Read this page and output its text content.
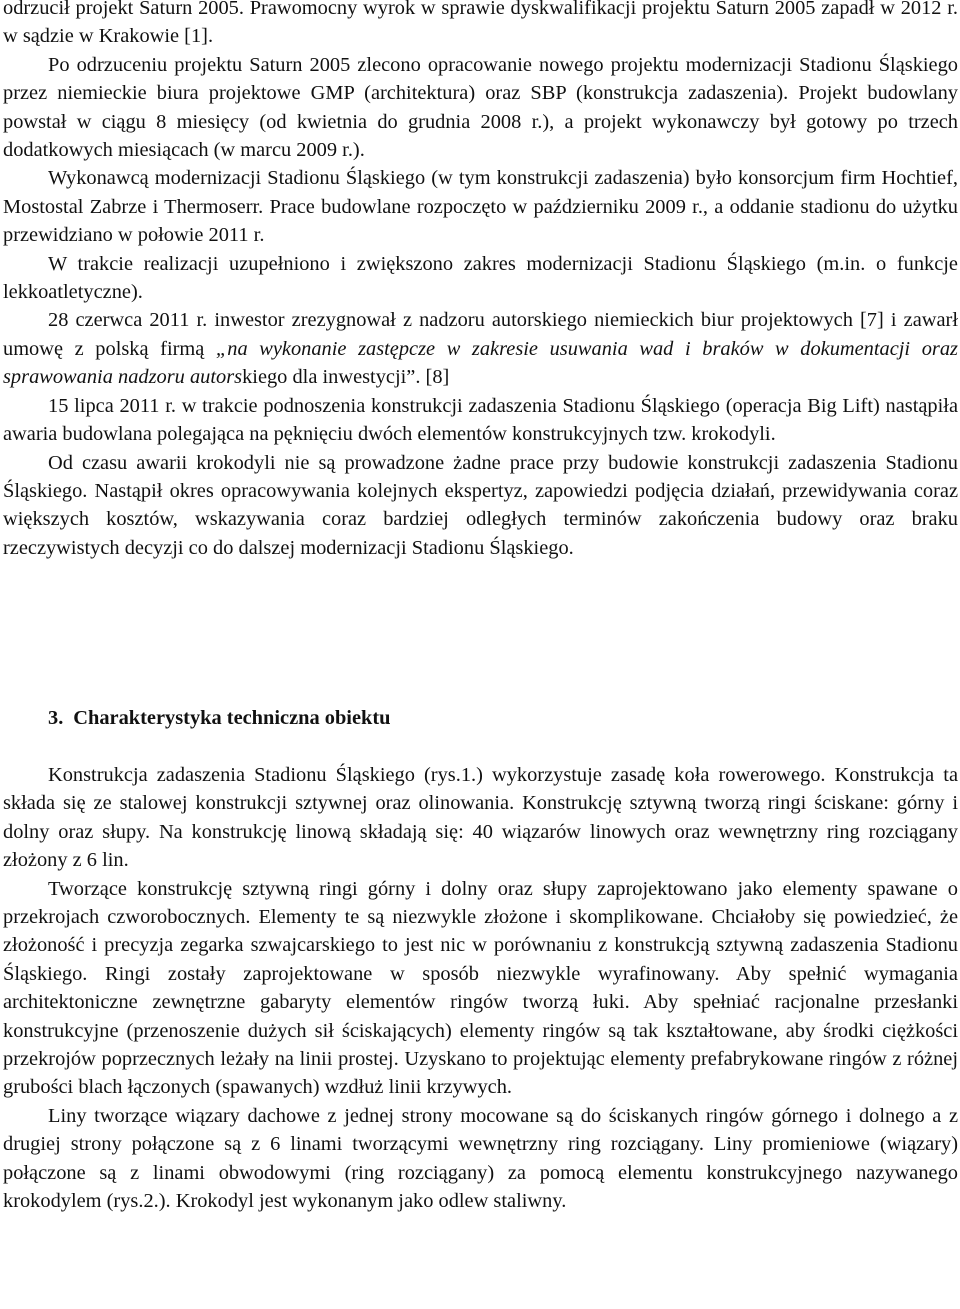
odrzucił projekt Saturn 2005. Prawomocny wyrok w sprawie dyskwalifikacji projektu Saturn 2005 zapadł w 2012 r. w sądzie w Krakowie [1].

Po odrzuceniu projektu Saturn 2005 zlecono opracowanie nowego projektu modernizacji Stadionu Śląskiego przez niemieckie biura projektowe GMP (architektura) oraz SBP (konstrukcja zadaszenia). Projekt budowlany powstał w ciągu 8 miesięcy (od kwietnia do grudnia 2008 r.), a projekt wykonawczy był gotowy po trzech dodatkowych miesiącach (w marcu 2009 r.).

Wykonawcą modernizacji Stadionu Śląskiego (w tym konstrukcji zadaszenia) było konsorcjum firm Hochtief, Mostostal Zabrze i Thermoserr. Prace budowlane rozpoczęto w październiku 2009 r., a oddanie stadionu do użytku przewidziano w połowie 2011 r.

W trakcie realizacji uzupełniono i zwiększono zakres modernizacji Stadionu Śląskiego (m.in. o funkcje lekkoatletyczne).

28 czerwca 2011 r. inwestor zrezygnował z nadzoru autorskiego niemieckich biur projektowych [7] i zawarł umowę z polską firmą „na wykonanie zastępcze w zakresie usuwania wad i braków w dokumentacji oraz sprawowania nadzoru autorskiego dla inwestycji”. [8]

15 lipca 2011 r. w trakcie podnoszenia konstrukcji zadaszenia Stadionu Śląskiego (operacja Big Lift) nastąpiła awaria budowlana polegająca na pęknięciu dwóch elementów konstrukcyjnych tzw. krokodyli.

Od czasu awarii krokodyli nie są prowadzone żadne prace przy budowie konstrukcji zadaszenia Stadionu Śląskiego. Nastąpił okres opracowywania kolejnych ekspertyz, zapowiedzi podjęcia działań, przewidywania coraz większych kosztów, wskazywania coraz bardziej odległych terminów zakończenia budowy oraz braku rzeczywistych decyzji co do dalszej modernizacji Stadionu Śląskiego.

3. Charakterystyka techniczna obiektu

Konstrukcja zadaszenia Stadionu Śląskiego (rys.1.) wykorzystuje zasadę koła rowerowego. Konstrukcja ta składa się ze stalowej konstrukcji sztywnej oraz olinowania. Konstrukcję sztywną tworzą ringi ściskane: górny i dolny oraz słupy. Na konstrukcję linową składają się: 40 wiązarów linowych oraz wewnętrzny ring rozciągany złożony z 6 lin.

Tworzące konstrukcję sztywną ringi górny i dolny oraz słupy zaprojektowano jako elementy spawane o przekrojach czworobocznych. Elementy te są niezwykle złożone i skomplikowane. Chciałoby się powiedzieć, że złożoność i precyzja zegarka szwajcarskiego to jest nic w porównaniu z konstrukcją sztywną zadaszenia Stadionu Śląskiego. Ringi zostały zaprojektowane w sposób niezwykle wyrafinowany. Aby spełnić wymagania architektoniczne zewnętrzne gabaryty elementów ringów tworzą łuki. Aby spełniać racjonalne przesłanki konstrukcyjne (przenoszenie dużych sił ściskających) elementy ringów są tak kształtowane, aby środki ciężkości przekrojów poprzecznych leżały na linii prostej. Uzyskano to projektując elementy prefabrykowane ringów z różnej grubości blach łączonych (spawanych) wzdłuż linii krzywych.

Liny tworzące wiązary dachowe z jednej strony mocowane są do ściskanych ringów górnego i dolnego a z drugiej strony połączone są z 6 linami tworzącymi wewnętrzny ring rozciągany. Liny promieniowe (wiązary) połączone są z linami obwodowymi (ring rozciągany) za pomocą elementu konstrukcyjnego nazywanego krokodylem (rys.2.). Krokodyl jest wykonanym jako odlew staliwny.
